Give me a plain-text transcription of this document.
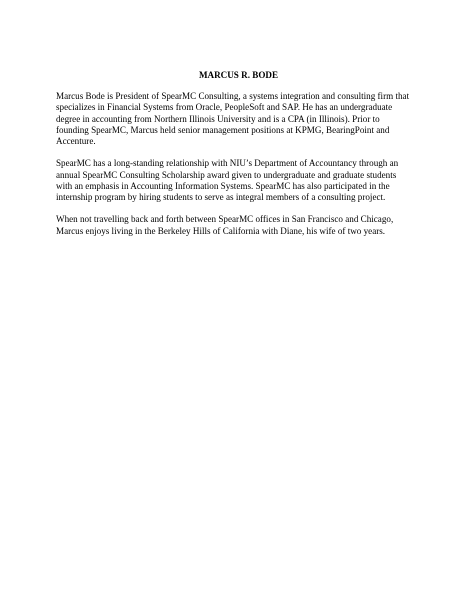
MARCUS R. BODE

Marcus Bode is President of SpearMC Consulting, a systems integration and consulting firm that
specializes in Financial Systems from Oracle, PeopleSoft and SAP. He has an undergraduate
degree in accounting from Northern Illinois University and is a CPA (in Illinois). Prior to
founding SpearMC, Marcus held senior management positions at KPMG, BearingPoint and
Accenture.

SpearMC has a long-standing relationship with NIU’s Department of Accountancy through an
annual SpearMC Consulting Scholarship award given to undergraduate and graduate students
with an emphasis in Accounting Information Systems. SpearMC has also participated in the
internship program by hiring students to serve as integral members of a consulting project.

When not travelling back and forth between SpearMC offices in San Francisco and Chicago,
Marcus enjoys living in the Berkeley Hills of California with Diane, his wife of two years.
